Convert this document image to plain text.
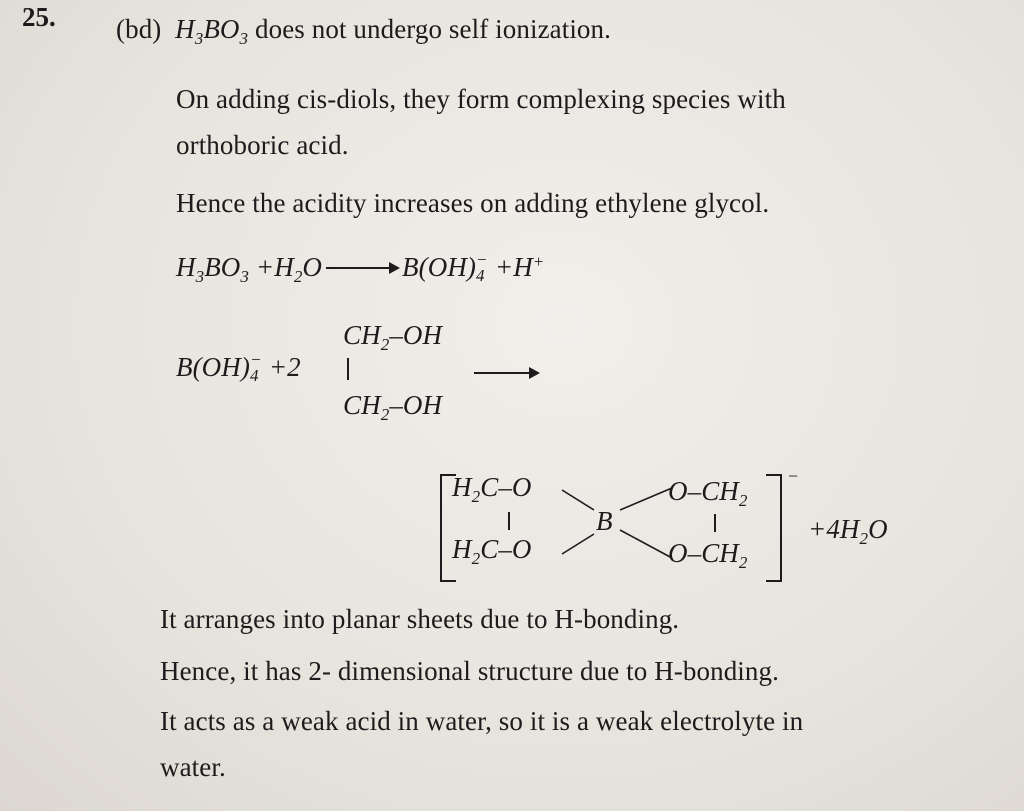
25. (bd) $H_3BO_3$ does not undergo self ionization.
On adding cis-diols, they form complexing species with
orthoboric acid.
Hence the acidity increases on adding ethylene glycol.
$H_3BO_3 +H_2O \to B(OH)$ −
4 +H+
$CH_2-OH$
B(OH) −
4 +2
$CH_2-OH$
$H_2C-O$
$H_2C-O$
B
$O-CH_2$
$O-CH_2$
−
$+4H_2O$
It arranges into planar sheets due to H-bonding.
Hence, it has 2- dimensional structure due to H-bonding.
It acts as a weak acid in water, so it is a weak electrolyte in
water.
